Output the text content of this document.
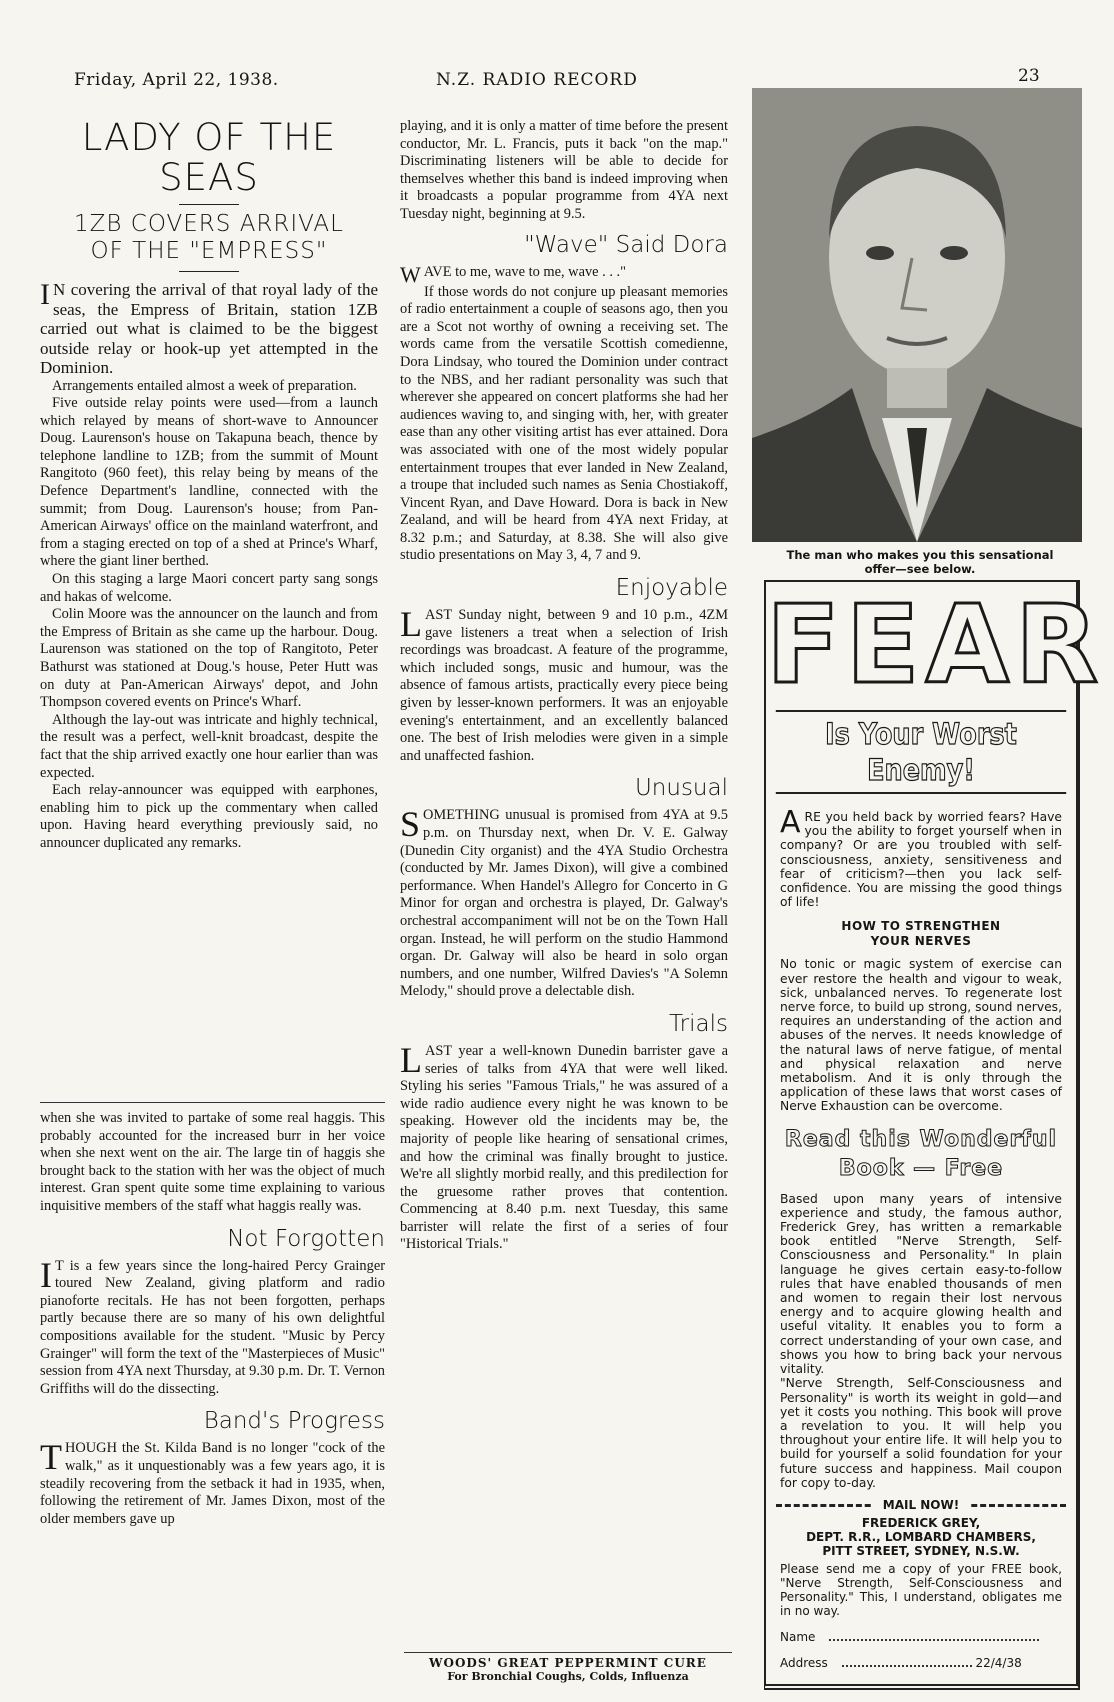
Friday, April 22, 1938.	N.Z. RADIO RECORD	23
LADY OF THE
SEAS
1ZB COVERS ARRIVAL
OF THE "EMPRESS"
I N covering the arrival of that royal lady of the seas, the Empress of Britain, station 1ZB carried out what is claimed to be the biggest outside relay or hook-up yet attempted in the Dominion.

Arrangements entailed almost a week of preparation.

Five outside relay points were used—from a launch which relayed by means of short-wave to Announcer Doug. Laurenson's house on Takapuna beach, thence by telephone landline to 1ZB; from the summit of Mount Rangitoto (960 feet), this relay being by means of the Defence Department's landline, connected with the summit; from Doug. Laurenson's house; from Pan-American Airways' office on the mainland waterfront, and from a staging erected on top of a shed at Prince's Wharf, where the giant liner berthed.

On this staging a large Maori concert party sang songs and hakas of welcome.

Colin Moore was the announcer on the launch and from the Empress of Britain as she came up the harbour. Doug. Laurenson was stationed on the top of Rangitoto, Peter Bathurst was stationed at Doug.'s house, Peter Hutt was on duty at Pan-American Airways' depot, and John Thompson covered events on Prince's Wharf.

Although the lay-out was intricate and highly technical, the result was a perfect, well-knit broadcast, despite the fact that the ship arrived exactly one hour earlier than was expected.

Each relay-announcer was equipped with earphones, enabling him to pick up the commentary when called upon. Having heard everything previously said, no announcer duplicated any remarks.

when she was invited to partake of some real haggis. This probably accounted for the increased burr in her voice when she next went on the air. The large tin of haggis she brought back to the station with her was the object of much interest. Gran spent quite some time explaining to various inquisitive members of the staff what haggis really was.

Not Forgotten
I T is a few years since the long-haired Percy Grainger toured New Zealand, giving platform and radio pianoforte recitals. He has not been forgotten, perhaps partly because there are so many of his own delightful compositions available for the student. "Music by Percy Grainger" will form the text of the "Masterpieces of Music" session from 4YA next Thursday, at 9.30 p.m. Dr. T. Vernon Griffiths will do the dissecting.
Band's Progress
T HOUGH the St. Kilda Band is no longer "cock of the walk," as it unquestionably was a few years ago, it is steadily recovering from the setback it had in 1935, when, following the retirement of Mr. James Dixon, most of the older members gave up

playing, and it is only a matter of time before the present conductor, Mr. L. Francis, puts it back "on the map." Discriminating listeners will be able to decide for themselves whether this band is indeed improving when it broadcasts a popular programme from 4YA next Tuesday night, beginning at 9.5.

"Wave" Said Dora
W AVE to me, wave to me, wave . . ."

If those words do not conjure up pleasant memories of radio entertainment a couple of seasons ago, then you are a Scot not worthy of owning a receiving set. The words came from the versatile Scottish comedienne, Dora Lindsay, who toured the Dominion under contract to the NBS, and her radiant personality was such that wherever she appeared on concert platforms she had her audiences waving to, and singing with, her, with greater ease than any other visiting artist has ever attained. Dora was associated with one of the most widely popular entertainment troupes that ever landed in New Zealand, a troupe that included such names as Senia Chostiakoff, Vincent Ryan, and Dave Howard. Dora is back in New Zealand, and will be heard from 4YA next Friday, at 8.32 p.m.; and Saturday, at 8.38. She will also give studio presentations on May 3, 4, 7 and 9.

Enjoyable
L AST Sunday night, between 9 and 10 p.m., 4ZM gave listeners a treat when a selection of Irish recordings was broadcast. A feature of the programme, which included songs, music and humour, was the absence of famous artists, practically every piece being given by lesser-known performers. It was an enjoyable evening's entertainment, and an excellently balanced one. The best of Irish melodies were given in a simple and unaffected fashion.
Unusual
S OMETHING unusual is promised from 4YA at 9.5 p.m. on Thursday next, when Dr. V. E. Galway (Dunedin City organist) and the 4YA Studio Orchestra (conducted by Mr. James Dixon), will give a combined performance. When Handel's Allegro for Concerto in G Minor for organ and orchestra is played, Dr. Galway's orchestral accompaniment will not be on the Town Hall organ. Instead, he will perform on the studio Hammond organ. Dr. Galway will also be heard in solo organ numbers, and one number, Wilfred Davies's "A Solemn Melody," should prove a delectable dish.
Trials
L AST year a well-known Dunedin barrister gave a series of talks from 4YA that were well liked. Styling his series "Famous Trials," he was assured of a wide radio audience every night he was known to be speaking. However old the incidents may be, the majority of people like hearing of sensational crimes, and how the criminal was finally brought to justice. We're all slightly morbid really, and this predilection for the gruesome rather proves that contention. Commencing at 8.40 p.m. next Tuesday, this same barrister will relate the first of a series of four "Historical Trials."
WOODS' GREAT PEPPERMINT CURE
For Bronchial Coughs, Colds, Influenza
The man who makes you this sensational offer—see below.
FEAR
Is Your Worst Enemy!
A RE you held back by worried fears? Have you the ability to forget yourself when in company? Or are you troubled with self-consciousness, anxiety, sensitiveness and fear of criticism?—then you lack self-confidence. You are missing the good things of life!
HOW TO STRENGTHEN
YOUR NERVES
No tonic or magic system of exercise can ever restore the health and vigour to weak, sick, unbalanced nerves. To regenerate lost nerve force, to build up strong, sound nerves, requires an understanding of the action and abuses of the nerves. It needs knowledge of the natural laws of nerve fatigue, of mental and physical relaxation and nerve metabolism. And it is only through the application of these laws that worst cases of Nerve Exhaustion can be overcome.
Read this Wonderful
Book — Free
Based upon many years of intensive experience and study, the famous author, Frederick Grey, has written a remarkable book entitled "Nerve Strength, Self-Consciousness and Personality." In plain language he gives certain easy-to-follow rules that have enabled thousands of men and women to regain their lost nervous energy and to acquire glowing health and useful vitality. It enables you to form a correct understanding of your own case, and shows you how to bring back your nervous vitality.
"Nerve Strength, Self-Consciousness and Personality" is worth its weight in gold—and yet it costs you nothing. This book will prove a revelation to you. It will help you throughout your entire life. It will help you to build for yourself a solid foundation for your future success and happiness. Mail coupon for copy to-day.
MAIL NOW!
FREDERICK GREY,
DEPT. R.R., LOMBARD CHAMBERS,
PITT STREET, SYDNEY, N.S.W.
Please send me a copy of your FREE book, "Nerve Strength, Self-Consciousness and Personality." This, I understand, obligates me in no way.
Name
Address	22/4/38
